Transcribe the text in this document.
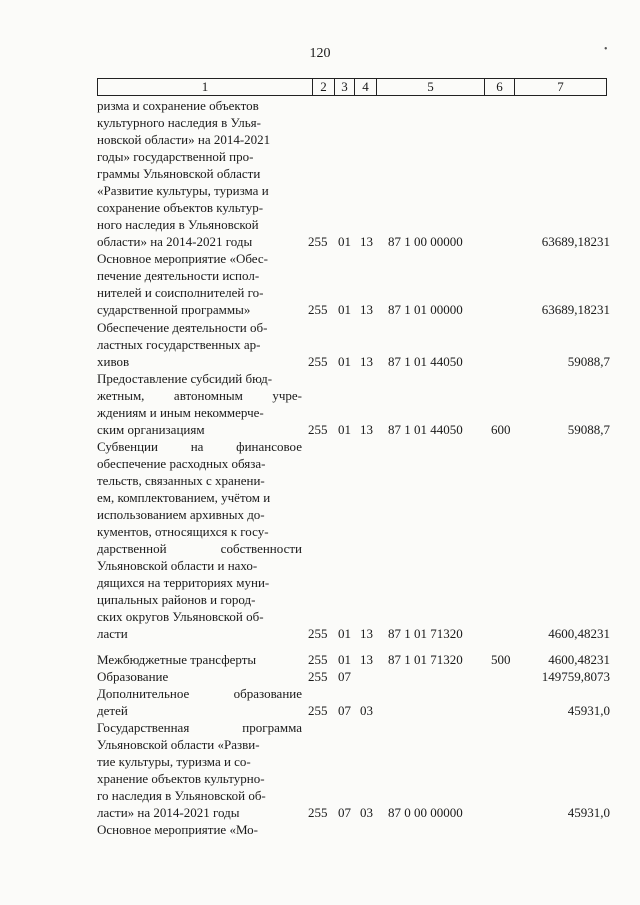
120
1	2	3	4	5	6	7
ризма и сохранение объектов
культурного наследия в Улья-
новской области» на 2014-2021
годы» государственной про-
граммы Ульяновской области
«Развитие культуры, туризма и
сохранение объектов культур-
ного наследия в Ульяновской
области» на 2014-2021 годы	255 01 13 87 1 00 00000	63689,18231
Основное мероприятие «Обес-
печение деятельности испол-
нителей и соисполнителей го-
сударственной программы»	255 01 13 87 1 01 00000	63689,18231
Обеспечение деятельности об-
ластных государственных ар-
хивов	255 01 13 87 1 01 44050	59088,7
Предоставление субсидий бюд-
жетным, автономным учре-
ждениям и иным некоммерче-
ским организациям	255 01 13 87 1 01 44050 600	59088,7
Субвенции на финансовое
обеспечение расходных обяза-
тельств, связанных с хранени-
ем, комплектованием, учётом и
использованием архивных до-
кументов, относящихся к госу-
дарственной собственности
Ульяновской области и нахо-
дящихся на территориях муни-
ципальных районов и город-
ских округов Ульяновской об-
ласти	255 01 13 87 1 01 71320	4600,48231
Межбюджетные трансферты	255 01 13 87 1 01 71320 500	4600,48231
Образование	255 07	149759,8073
Дополнительное образование
детей	255 07 03	45931,0
Государственная программа
Ульяновской области «Разви-
тие культуры, туризма и со-
хранение объектов культурно-
го наследия в Ульяновской об-
ласти» на 2014-2021 годы	255 07 03 87 0 00 00000	45931,0
Основное мероприятие «Мо-
•
